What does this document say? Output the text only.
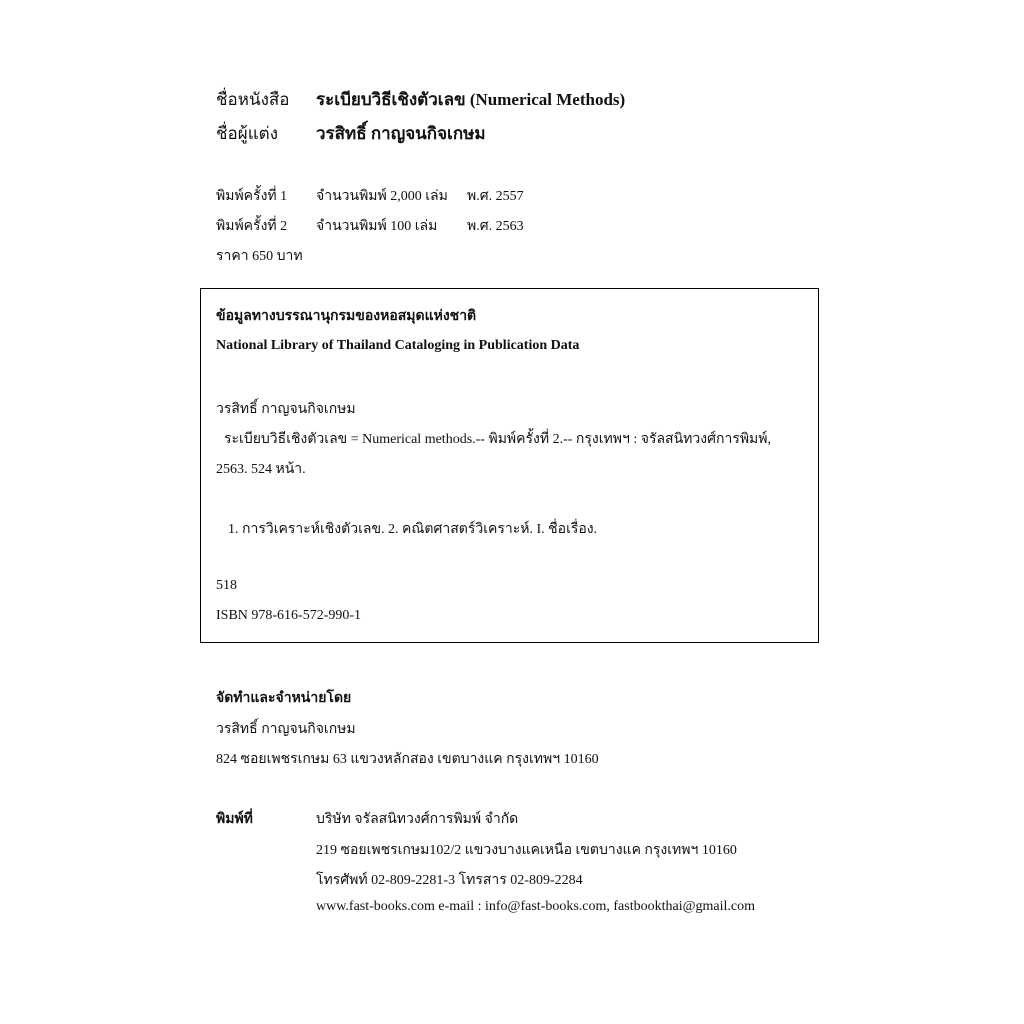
ชื่อหนังสือ ระเบียบวิธีเชิงตัวเลข (Numerical Methods)
ชื่อผู้แต่ง วรสิทธิ์ กาญจนกิจเกษม
พิมพ์ครั้งที่ 1 จำนวนพิมพ์ 2,000 เล่ม พ.ศ. 2557
พิมพ์ครั้งที่ 2 จำนวนพิมพ์ 100 เล่ม พ.ศ. 2563
ราคา 650 บาท
ข้อมูลทางบรรณานุกรมของหอสมุดแห่งชาติ
National Library of Thailand Cataloging in Publication Data
วรสิทธิ์ กาญจนกิจเกษม
ระเบียบวิธีเชิงตัวเลข = Numerical methods.-- พิมพ์ครั้งที่ 2.-- กรุงเทพฯ : จรัลสนิทวงศ์การพิมพ์,
2563. 524 หน้า.
1. การวิเคราะห์เชิงตัวเลข. 2. คณิตศาสตร์วิเคราะห์. I. ชื่อเรื่อง.
518
ISBN 978-616-572-990-1
จัดทำและจำหน่ายโดย
วรสิทธิ์ กาญจนกิจเกษม
824 ซอยเพชรเกษม 63 แขวงหลักสอง เขตบางแค กรุงเทพฯ 10160
พิมพ์ที่	บริษัท จรัลสนิทวงศ์การพิมพ์ จำกัด
219 ซอยเพชรเกษม102/2 แขวงบางแคเหนือ เขตบางแค กรุงเทพฯ 10160
โทรศัพท์ 02-809-2281-3 โทรสาร 02-809-2284
www.fast-books.com e-mail : info@fast-books.com, fastbookthai@gmail.com
